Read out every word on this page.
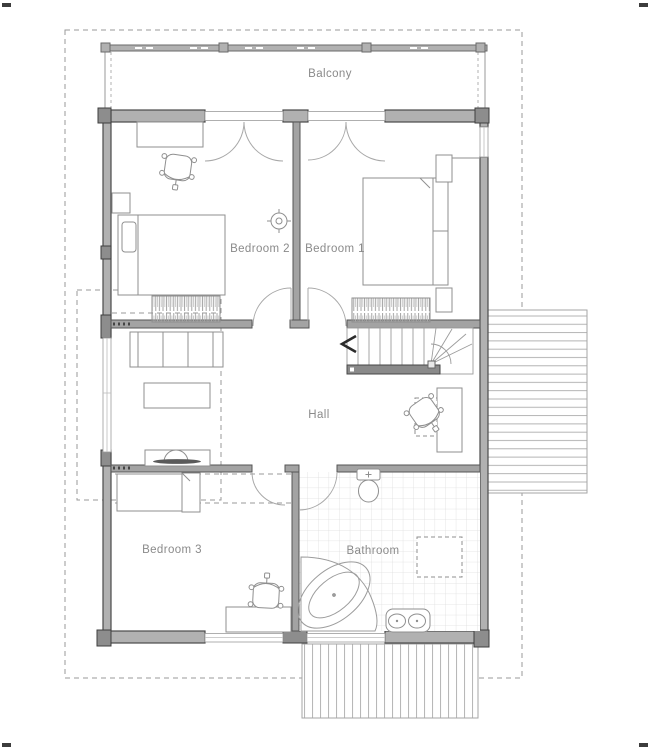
Balcony
Bedroom 2 Bedroom 1
Hall
Bedroom 3	Bathroom
